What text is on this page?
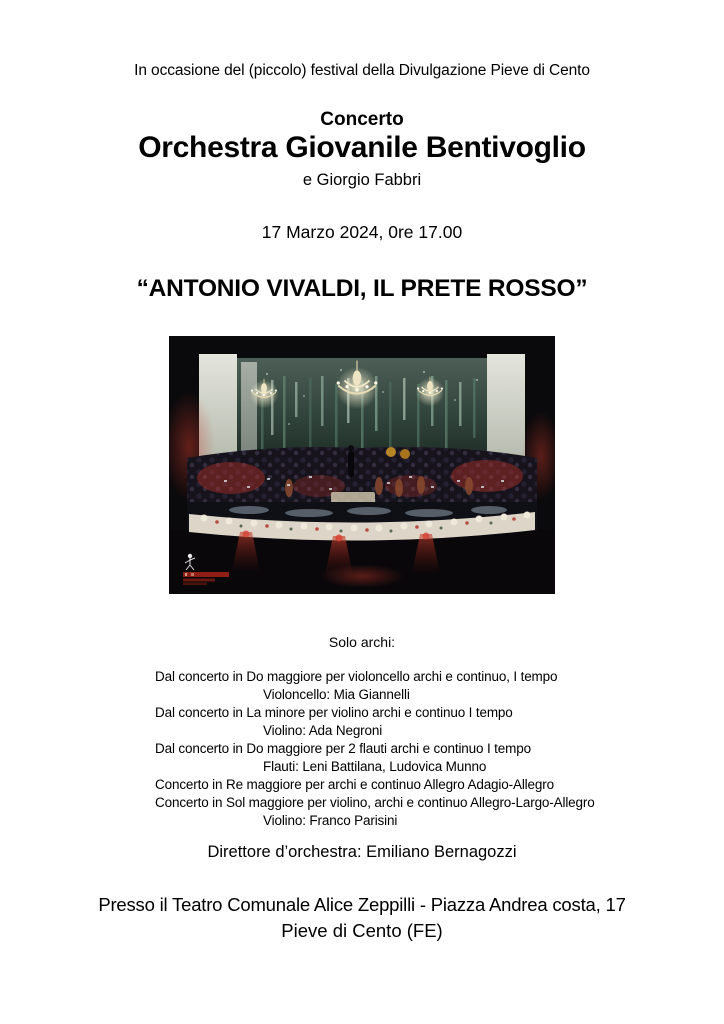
In occasione del (piccolo) festival della Divulgazione Pieve di Cento

Concerto

Orchestra Giovanile Bentivoglio

e Giorgio Fabbri

17 Marzo 2024, 0re 17.00

“ANTONIO VIVALDI, IL PRETE ROSSO”

Solo archi:

Dal concerto in Do maggiore per violoncello archi e continuo, I tempo
Violoncello: Mia Giannelli
Dal concerto in La minore per violino archi e continuo I tempo
Violino: Ada Negroni
Dal concerto in Do maggiore per 2 flauti archi e continuo I tempo
Flauti: Leni Battilana, Ludovica Munno
Concerto in Re maggiore per archi e continuo Allegro Adagio-Allegro
Concerto in Sol maggiore per violino, archi e continuo Allegro-Largo-Allegro
Violino: Franco Parisini

Direttore d’orchestra: Emiliano Bernagozzi

Presso il Teatro Comunale Alice Zeppilli - Piazza Andrea costa, 17

Pieve di Cento (FE)
